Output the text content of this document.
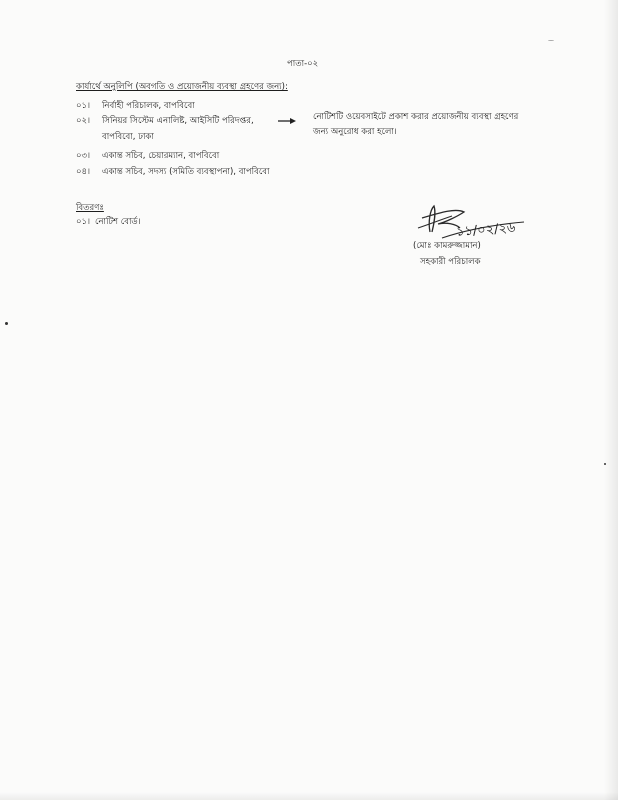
পাতা-০২
কার্যার্থে অনুলিপি (অবগতি ও প্রয়োজনীয় ব্যবস্থা গ্রহণের জন্য):
০১। নির্বাহী পরিচালক, বাপবিবো
০২। সিনিয়র সিস্টেম এনালিষ্ট, আইসিটি পরিদপ্তর,
বাপবিবো, ঢাকা
০৩। একান্ত সচিব, চেয়ারম্যান, বাপবিবো
০৪। একান্ত সচিব, সদস্য (সমিতি ব্যবস্থাপনা), বাপবিবো
নোটিশটি ওয়েবসাইটে প্রকাশ করার প্রয়োজনীয় ব্যবস্থা গ্রহণের
জন্য অনুরোধ করা হলো।
বিতরণঃ
০১। নোটিশ বোর্ড।	১১/০২/২৬
(মোঃ কামরুজ্জামান)
সহকারী পরিচালক
